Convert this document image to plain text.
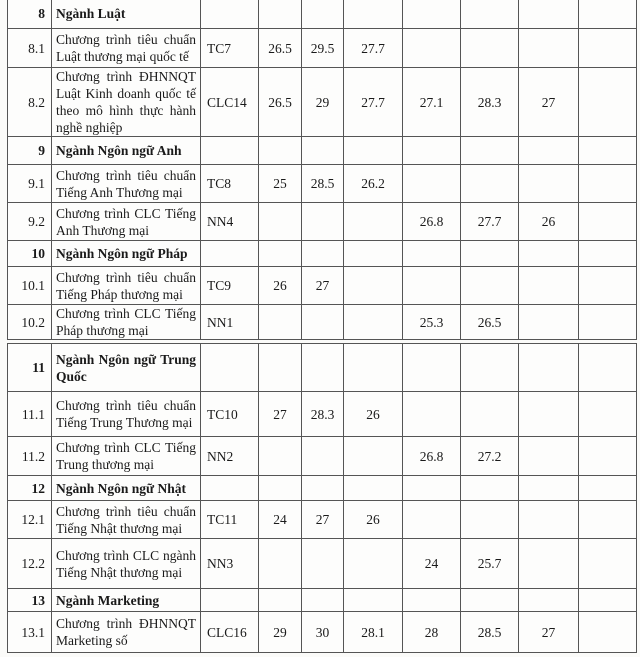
8	Ngành Luật								
8.1	Chương trình tiêu chuẩn Luật thương mại quốc tế	TC7	26.5	29.5	27.7				
8.2	Chương trình ĐHNNQT Luật Kinh doanh quốc tế theo mô hình thực hành nghề nghiệp	CLC14	26.5	29	27.7	27.1	28.3	27	
9	Ngành Ngôn ngữ Anh								
9.1	Chương trình tiêu chuẩn Tiếng Anh Thương mại	TC8	25	28.5	26.2				
9.2	Chương trình CLC Tiếng Anh Thương mại	NN4				26.8	27.7	26	
10	Ngành Ngôn ngữ Pháp								
10.1	Chương trình tiêu chuẩn Tiếng Pháp thương mại	TC9	26	27					
10.2	Chương trình CLC Tiếng Pháp thương mại	NN1				25.3	26.5		
11	Ngành Ngôn ngữ Trung Quốc								
11.1	Chương trình tiêu chuẩn Tiếng Trung Thương mại	TC10	27	28.3	26				
11.2	Chương trình CLC Tiếng Trung thương mại	NN2				26.8	27.2		
12	Ngành Ngôn ngữ Nhật								
12.1	Chương trình tiêu chuẩn Tiếng Nhật thương mại	TC11	24	27	26				
12.2	Chương trình CLC ngành Tiếng Nhật thương mại	NN3				24	25.7		
13	Ngành Marketing								
13.1	Chương trình ĐHNNQT Marketing số	CLC16	29	30	28.1	28	28.5	27	
